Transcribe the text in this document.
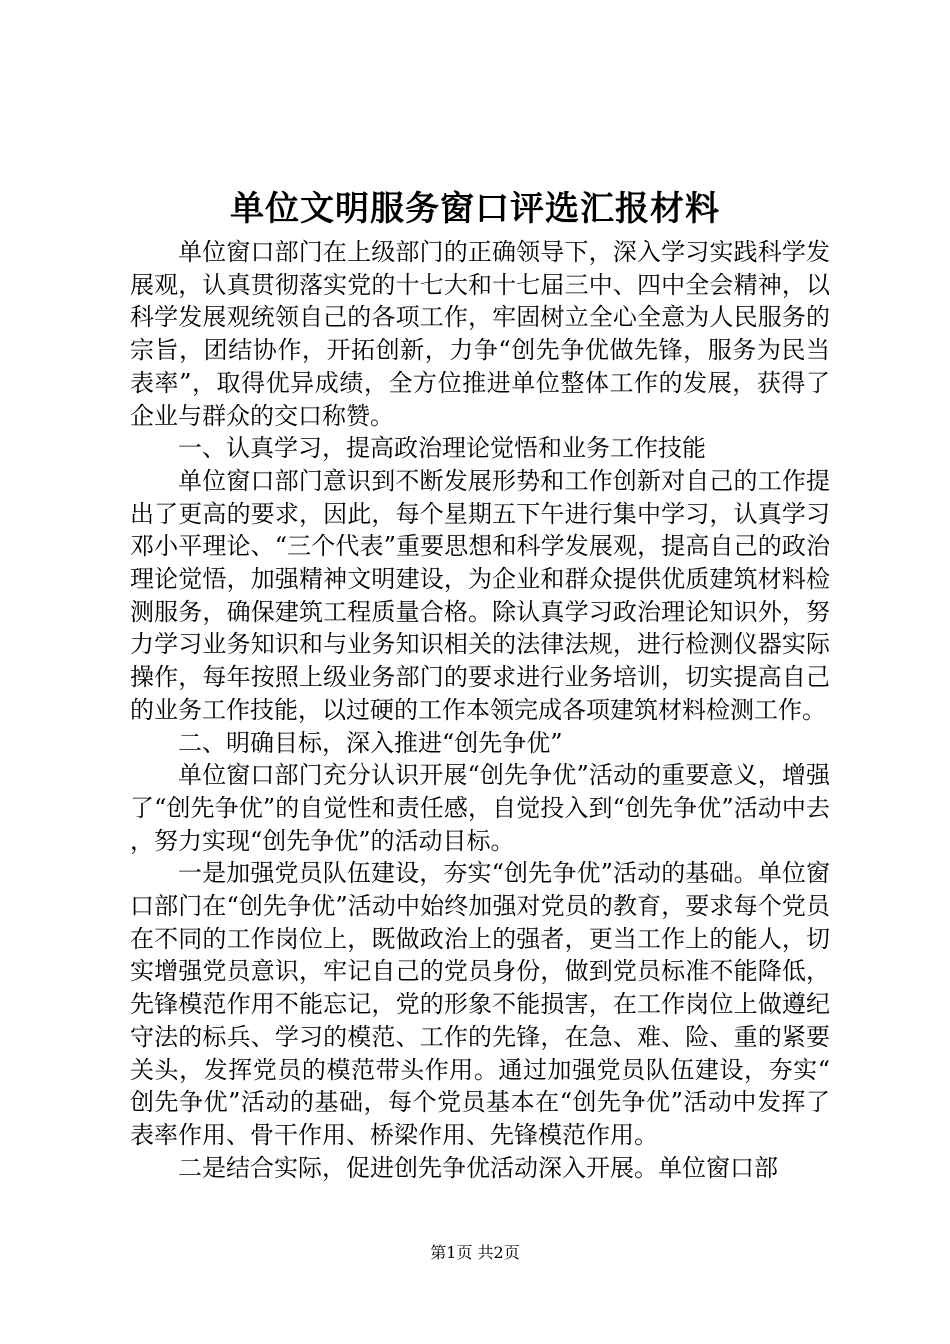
单位文明服务窗口评选汇报材料

单位窗口部门在上级部门的正确领导下，深入学习实践科学发展观，认真贯彻落实党的十七大和十七届三中、四中全会精神，以科学发展观统领自己的各项工作，牢固树立全心全意为人民服务的宗旨，团结协作，开拓创新，力争“创先争优做先锋，服务为民当表率”，取得优异成绩，全方位推进单位整体工作的发展，获得了企业与群众的交口称赞。

一、认真学习，提高政治理论觉悟和业务工作技能

单位窗口部门意识到不断发展形势和工作创新对自己的工作提出了更高的要求，因此，每个星期五下午进行集中学习，认真学习邓小平理论、“三个代表”重要思想和科学发展观，提高自己的政治理论觉悟，加强精神文明建设，为企业和群众提供优质建筑材料检测服务，确保建筑工程质量合格。除认真学习政治理论知识外，努力学习业务知识和与业务知识相关的法律法规，进行检测仪器实际操作，每年按照上级业务部门的要求进行业务培训，切实提高自己的业务工作技能，以过硬的工作本领完成各项建筑材料检测工作。

二、明确目标，深入推进“创先争优”

单位窗口部门充分认识开展“创先争优”活动的重要意义，增强了“创先争优”的自觉性和责任感，自觉投入到“创先争优”活动中去，努力实现“创先争优”的活动目标。

一是加强党员队伍建设，夯实“创先争优”活动的基础。单位窗口部门在“创先争优”活动中始终加强对党员的教育，要求每个党员在不同的工作岗位上，既做政治上的强者，更当工作上的能人，切实增强党员意识，牢记自己的党员身份，做到党员标准不能降低，先锋模范作用不能忘记，党的形象不能损害，在工作岗位上做遵纪守法的标兵、学习的模范、工作的先锋，在急、难、险、重的紧要关头，发挥党员的模范带头作用。通过加强党员队伍建设，夯实“创先争优”活动的基础，每个党员基本在“创先争优”活动中发挥了表率作用、骨干作用、桥梁作用、先锋模范作用。

二是结合实际，促进创先争优活动深入开展。单位窗口部

第1页 共2页
